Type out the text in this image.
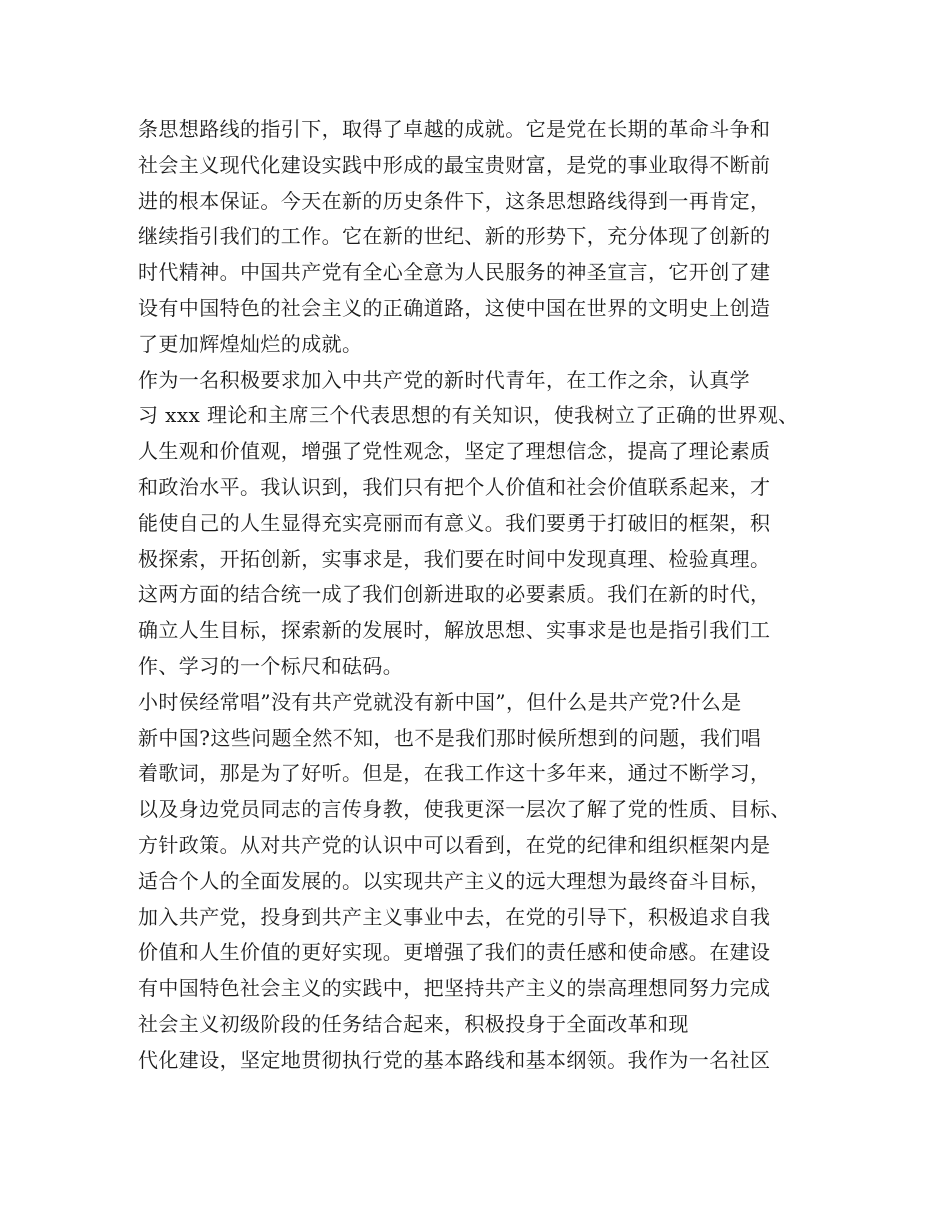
条思想路线的指引下，取得了卓越的成就。它是党在长期的革命斗争和
社会主义现代化建设实践中形成的最宝贵财富，是党的事业取得不断前
进的根本保证。今天在新的历史条件下，这条思想路线得到一再肯定，
继续指引我们的工作。它在新的世纪、新的形势下，充分体现了创新的
时代精神。中国共产党有全心全意为人民服务的神圣宣言，它开创了建
设有中国特色的社会主义的正确道路，这使中国在世界的文明史上创造
了更加辉煌灿烂的成就。
作为一名积极要求加入中共产党的新时代青年，在工作之余，认真学
习 xxx 理论和主席三个代表思想的有关知识，使我树立了正确的世界观、
人生观和价值观，增强了党性观念，坚定了理想信念，提高了理论素质
和政治水平。我认识到，我们只有把个人价值和社会价值联系起来，才
能使自己的人生显得充实亮丽而有意义。我们要勇于打破旧的框架，积
极探索，开拓创新，实事求是，我们要在时间中发现真理、检验真理。
这两方面的结合统一成了我们创新进取的必要素质。我们在新的时代，
确立人生目标，探索新的发展时，解放思想、实事求是也是指引我们工
作、学习的一个标尺和砝码。
小时侯经常唱”没有共产党就没有新中国”，但什么是共产党?什么是
新中国?这些问题全然不知，也不是我们那时候所想到的问题，我们唱
着歌词，那是为了好听。但是，在我工作这十多年来，通过不断学习，
以及身边党员同志的言传身教，使我更深一层次了解了党的性质、目标、
方针政策。从对共产党的认识中可以看到，在党的纪律和组织框架内是
适合个人的全面发展的。以实现共产主义的远大理想为最终奋斗目标，
加入共产党，投身到共产主义事业中去，在党的引导下，积极追求自我
价值和人生价值的更好实现。更增强了我们的责任感和使命感。在建设
有中国特色社会主义的实践中，把坚持共产主义的崇高理想同努力完成
社会主义初级阶段的任务结合起来，积极投身于全面改革和现
代化建设，坚定地贯彻执行党的基本路线和基本纲领。我作为一名社区
